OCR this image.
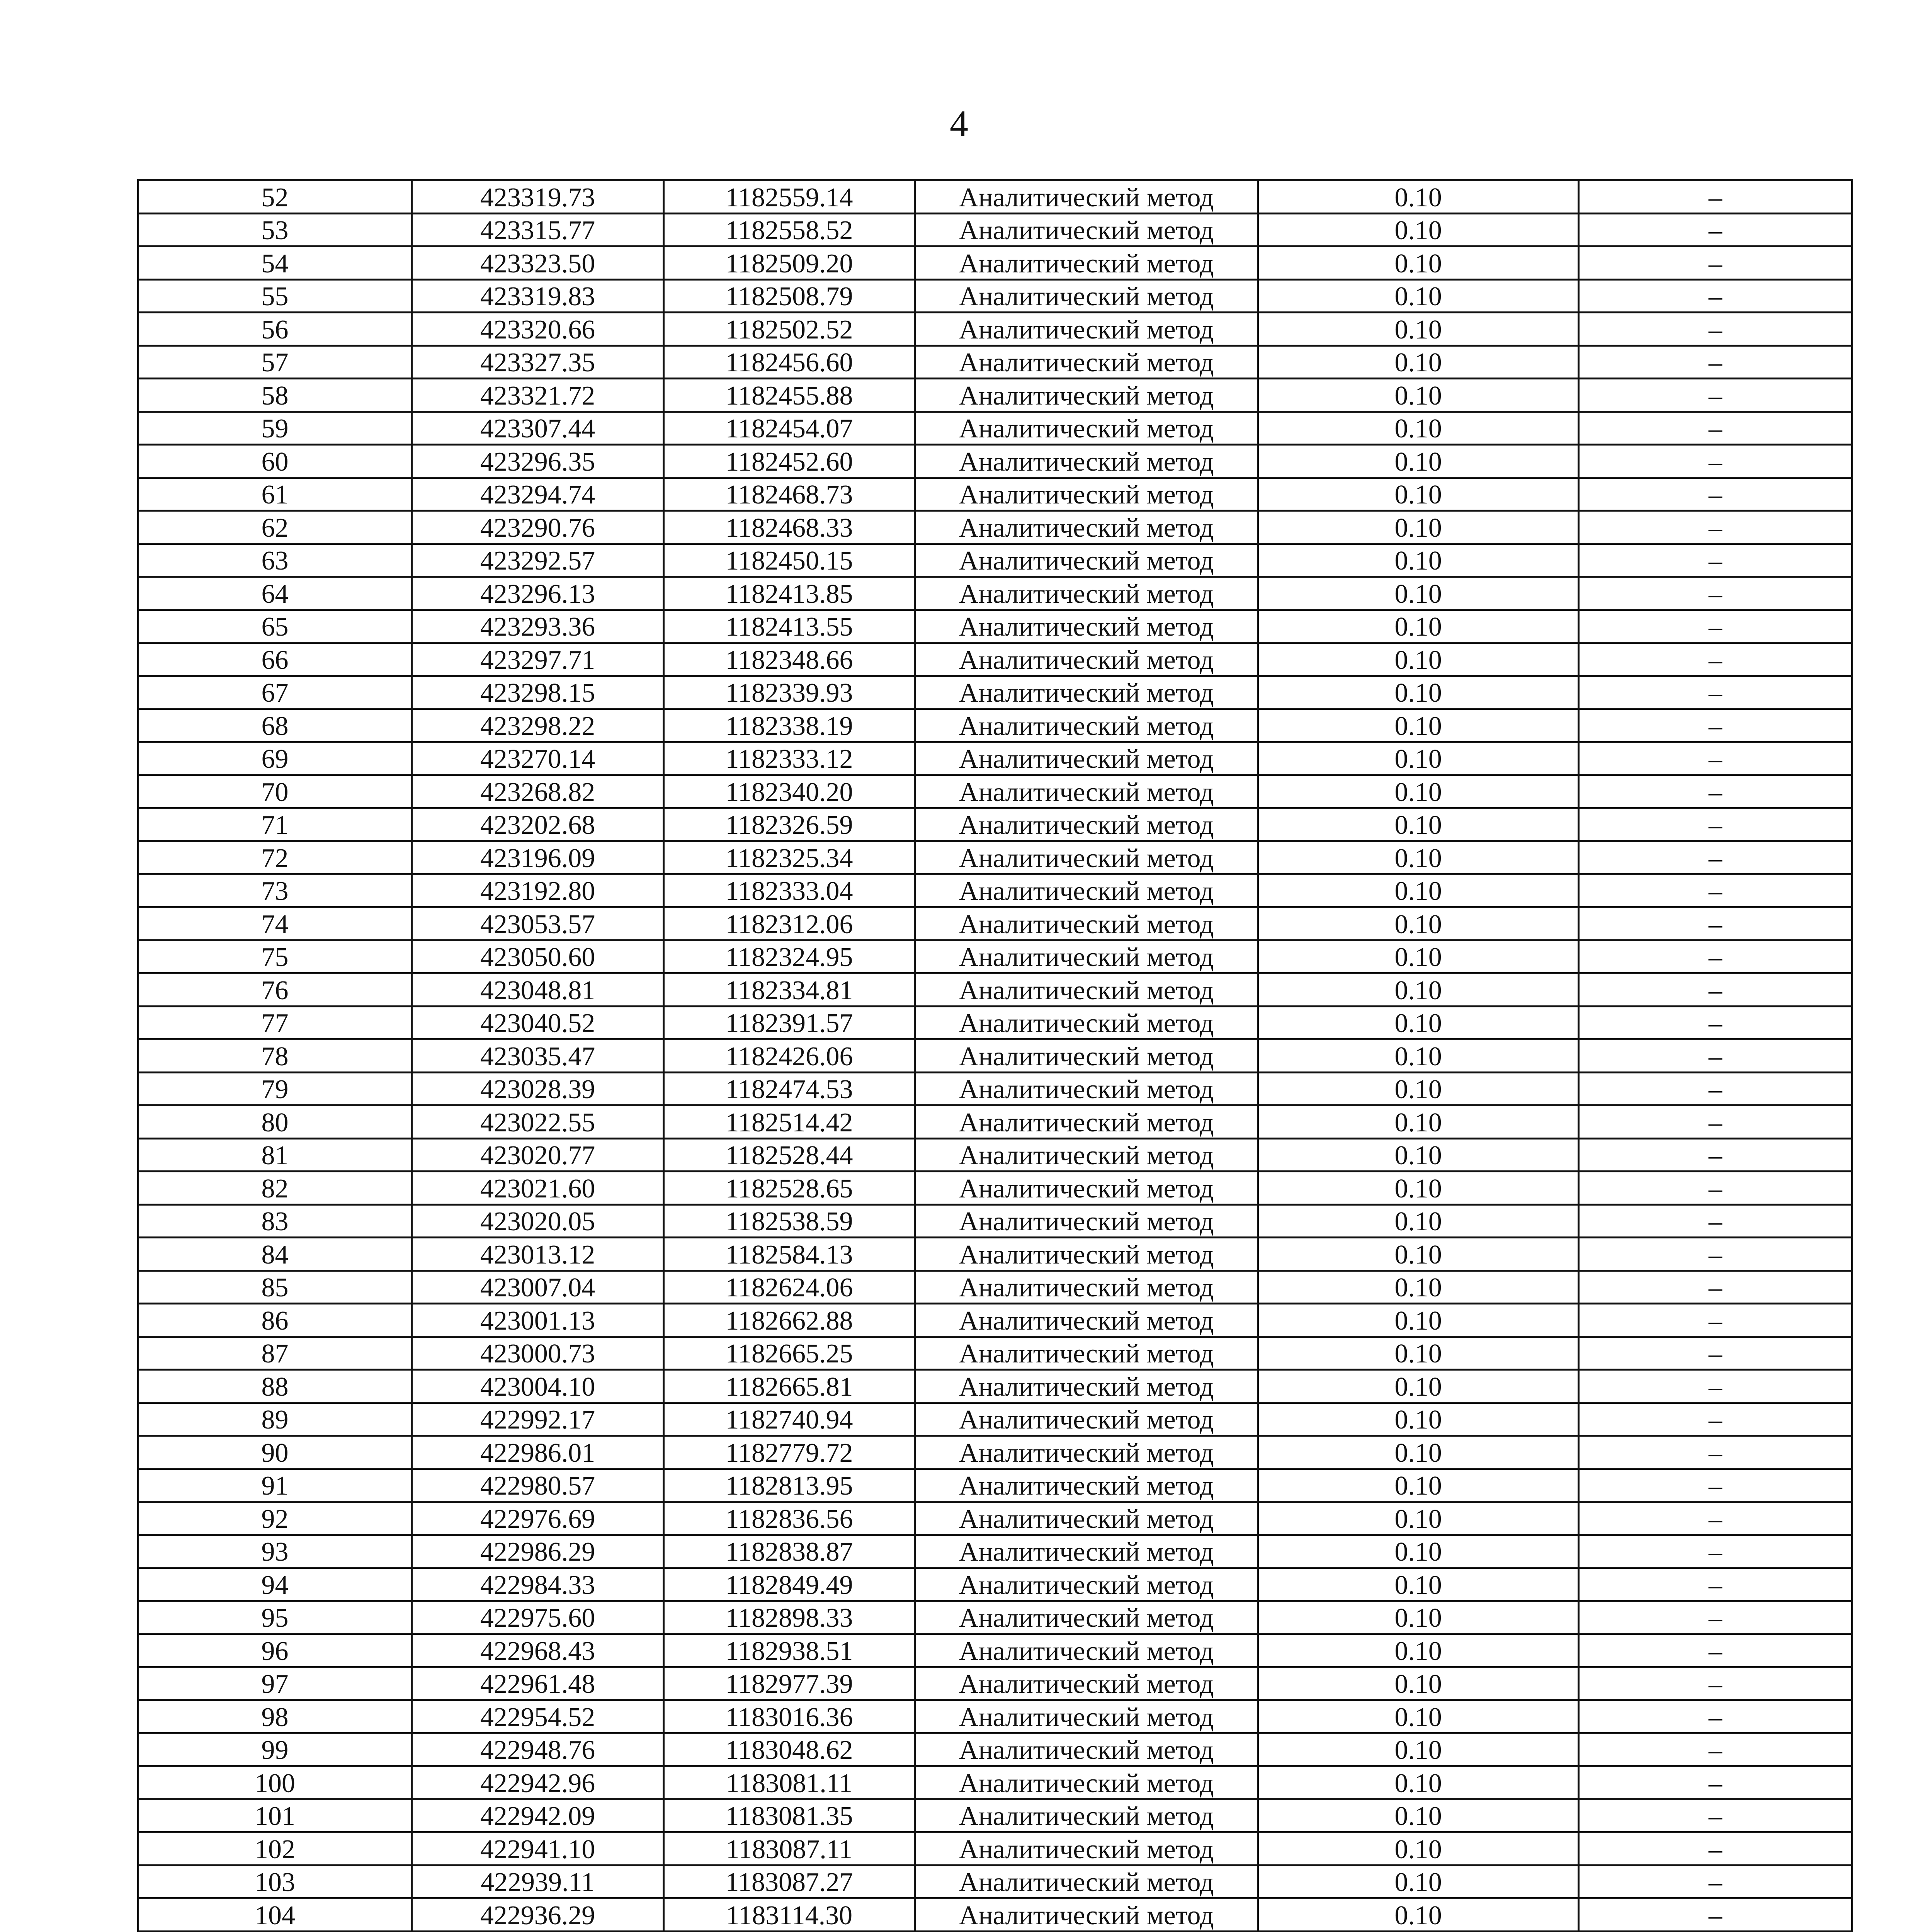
4
52	423319.73	1182559.14	Аналитический метод	0.10	–
53	423315.77	1182558.52	Аналитический метод	0.10	–
54	423323.50	1182509.20	Аналитический метод	0.10	–
55	423319.83	1182508.79	Аналитический метод	0.10	–
56	423320.66	1182502.52	Аналитический метод	0.10	–
57	423327.35	1182456.60	Аналитический метод	0.10	–
58	423321.72	1182455.88	Аналитический метод	0.10	–
59	423307.44	1182454.07	Аналитический метод	0.10	–
60	423296.35	1182452.60	Аналитический метод	0.10	–
61	423294.74	1182468.73	Аналитический метод	0.10	–
62	423290.76	1182468.33	Аналитический метод	0.10	–
63	423292.57	1182450.15	Аналитический метод	0.10	–
64	423296.13	1182413.85	Аналитический метод	0.10	–
65	423293.36	1182413.55	Аналитический метод	0.10	–
66	423297.71	1182348.66	Аналитический метод	0.10	–
67	423298.15	1182339.93	Аналитический метод	0.10	–
68	423298.22	1182338.19	Аналитический метод	0.10	–
69	423270.14	1182333.12	Аналитический метод	0.10	–
70	423268.82	1182340.20	Аналитический метод	0.10	–
71	423202.68	1182326.59	Аналитический метод	0.10	–
72	423196.09	1182325.34	Аналитический метод	0.10	–
73	423192.80	1182333.04	Аналитический метод	0.10	–
74	423053.57	1182312.06	Аналитический метод	0.10	–
75	423050.60	1182324.95	Аналитический метод	0.10	–
76	423048.81	1182334.81	Аналитический метод	0.10	–
77	423040.52	1182391.57	Аналитический метод	0.10	–
78	423035.47	1182426.06	Аналитический метод	0.10	–
79	423028.39	1182474.53	Аналитический метод	0.10	–
80	423022.55	1182514.42	Аналитический метод	0.10	–
81	423020.77	1182528.44	Аналитический метод	0.10	–
82	423021.60	1182528.65	Аналитический метод	0.10	–
83	423020.05	1182538.59	Аналитический метод	0.10	–
84	423013.12	1182584.13	Аналитический метод	0.10	–
85	423007.04	1182624.06	Аналитический метод	0.10	–
86	423001.13	1182662.88	Аналитический метод	0.10	–
87	423000.73	1182665.25	Аналитический метод	0.10	–
88	423004.10	1182665.81	Аналитический метод	0.10	–
89	422992.17	1182740.94	Аналитический метод	0.10	–
90	422986.01	1182779.72	Аналитический метод	0.10	–
91	422980.57	1182813.95	Аналитический метод	0.10	–
92	422976.69	1182836.56	Аналитический метод	0.10	–
93	422986.29	1182838.87	Аналитический метод	0.10	–
94	422984.33	1182849.49	Аналитический метод	0.10	–
95	422975.60	1182898.33	Аналитический метод	0.10	–
96	422968.43	1182938.51	Аналитический метод	0.10	–
97	422961.48	1182977.39	Аналитический метод	0.10	–
98	422954.52	1183016.36	Аналитический метод	0.10	–
99	422948.76	1183048.62	Аналитический метод	0.10	–
100	422942.96	1183081.11	Аналитический метод	0.10	–
101	422942.09	1183081.35	Аналитический метод	0.10	–
102	422941.10	1183087.11	Аналитический метод	0.10	–
103	422939.11	1183087.27	Аналитический метод	0.10	–
104	422936.29	1183114.30	Аналитический метод	0.10	–
